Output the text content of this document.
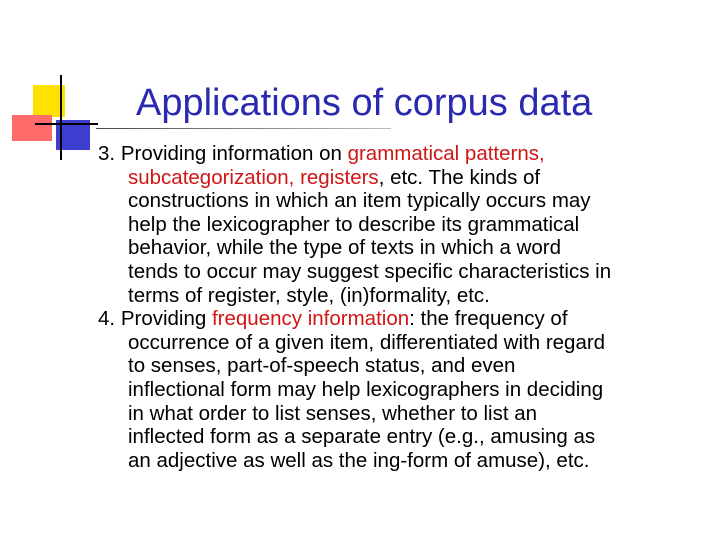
Applications of corpus data
3. Providing information on grammatical patterns,
subcategorization, registers, etc. The kinds of
constructions in which an item typically occurs may
help the lexicographer to describe its grammatical
behavior, while the type of texts in which a word
tends to occur may suggest specific characteristics in
terms of register, style, (in)formality, etc.
4. Providing frequency information: the frequency of
occurrence of a given item, differentiated with regard
to senses, part-of-speech status, and even
inflectional form may help lexicographers in deciding
in what order to list senses, whether to list an
inflected form as a separate entry (e.g., amusing as
an adjective as well as the ing-form of amuse), etc.
